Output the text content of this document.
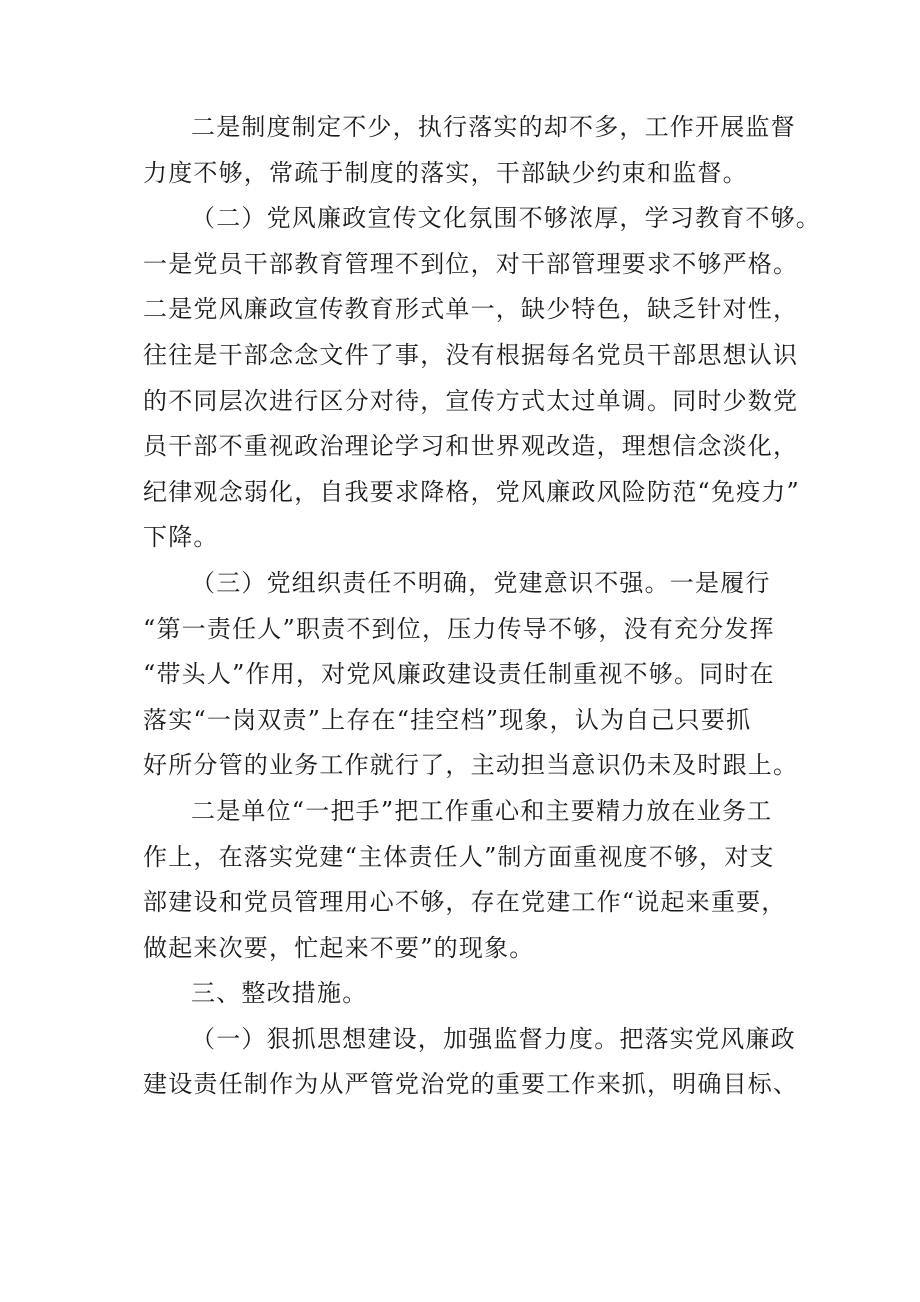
二是制度制定不少，执行落实的却不多，工作开展监督
力度不够，常疏于制度的落实，干部缺少约束和监督。
（二）党风廉政宣传文化氛围不够浓厚，学习教育不够。
一是党员干部教育管理不到位，对干部管理要求不够严格。
二是党风廉政宣传教育形式单一，缺少特色，缺乏针对性，
往往是干部念念文件了事，没有根据每名党员干部思想认识
的不同层次进行区分对待，宣传方式太过单调。同时少数党
员干部不重视政治理论学习和世界观改造，理想信念淡化，
纪律观念弱化，自我要求降格，党风廉政风险防范“免疫力”
下降。
（三）党组织责任不明确，党建意识不强。一是履行
“第一责任人”职责不到位，压力传导不够，没有充分发挥
“带头人”作用，对党风廉政建设责任制重视不够。同时在
落实“一岗双责”上存在“挂空档”现象，认为自己只要抓
好所分管的业务工作就行了，主动担当意识仍未及时跟上。
二是单位“一把手”把工作重心和主要精力放在业务工
作上，在落实党建“主体责任人”制方面重视度不够，对支
部建设和党员管理用心不够，存在党建工作“说起来重要，
做起来次要，忙起来不要”的现象。
三、整改措施。
（一）狠抓思想建设，加强监督力度。把落实党风廉政
建设责任制作为从严管党治党的重要工作来抓，明确目标、
